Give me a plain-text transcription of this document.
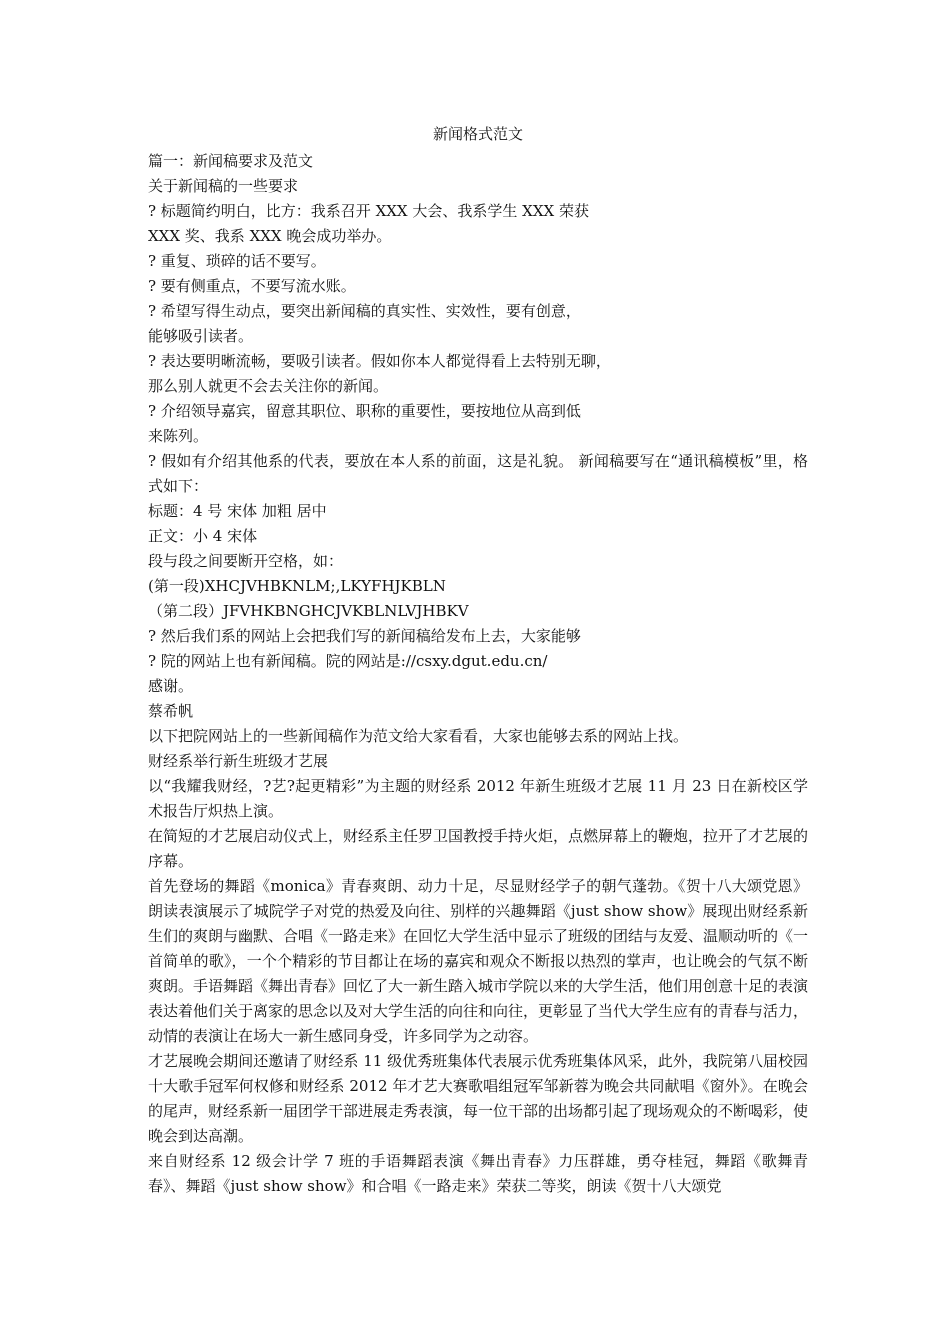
新闻格式范文

篇一：新闻稿要求及范文

关于新闻稿的一些要求

? 标题简约明白，比方：我系召开 XXX 大会、我系学生 XXX 荣获

XXX 奖、我系 XXX 晚会成功举办。

? 重复、琐碎的话不要写。

? 要有侧重点，不要写流水账。

? 希望写得生动点，要突出新闻稿的真实性、实效性，要有创意，

能够吸引读者。

? 表达要明晰流畅，要吸引读者。假如你本人都觉得看上去特别无聊，

那么别人就更不会去关注你的新闻。

? 介绍领导嘉宾，留意其职位、职称的重要性，要按地位从高到低

来陈列。

? 假如有介绍其他系的代表，要放在本人系的前面，这是礼貌。 新闻稿要写在“通讯稿模板”里，格式如下：

标题：4 号 宋体 加粗 居中

正文：小 4 宋体

段与段之间要断开空格，如：

(第一段)XHCJVHBKNLM;,LKYFHJKBLN

（第二段）JFVHKBNGHCJVKBLNLVJHBKV

? 然后我们系的网站上会把我们写的新闻稿给发布上去，大家能够

? 院的网站上也有新闻稿。院的网站是://csxy.dgut.edu.cn/

感谢。

蔡希帆

以下把院网站上的一些新闻稿作为范文给大家看看，大家也能够去系的网站上找。

财经系举行新生班级才艺展

以“我耀我财经，?艺?起更精彩”为主题的财经系 2012 年新生班级才艺展 11 月 23 日在新校区学术报告厅炽热上演。

在简短的才艺展启动仪式上，财经系主任罗卫国教授手持火炬，点燃屏幕上的鞭炮，拉开了才艺展的序幕。

首先登场的舞蹈《monica》青春爽朗、动力十足，尽显财经学子的朝气蓬勃。《贺十八大颂党恩》朗读表演展示了城院学子对党的热爱及向往、别样的兴趣舞蹈《just show show》展现出财经系新生们的爽朗与幽默、合唱《一路走来》在回忆大学生活中显示了班级的团结与友爱、温顺动听的《一首简单的歌》，一个个精彩的节目都让在场的嘉宾和观众不断报以热烈的掌声，也让晚会的气氛不断爽朗。手语舞蹈《舞出青春》回忆了大一新生踏入城市学院以来的大学生活，他们用创意十足的表演表达着他们关于离家的思念以及对大学生活的向往和向往，更彰显了当代大学生应有的青春与活力，动情的表演让在场大一新生感同身受，许多同学为之动容。

才艺展晚会期间还邀请了财经系 11 级优秀班集体代表展示优秀班集体风采，此外，我院第八届校园十大歌手冠军何权修和财经系 2012 年才艺大赛歌唱组冠军邹新蓉为晚会共同献唱《窗外》。在晚会的尾声，财经系新一届团学干部进展走秀表演，每一位干部的出场都引起了现场观众的不断喝彩，使晚会到达高潮。

来自财经系 12 级会计学 7 班的手语舞蹈表演《舞出青春》力压群雄，勇夺桂冠，舞蹈《歌舞青春》、舞蹈《just show show》和合唱《一路走来》荣获二等奖，朗读《贺十八大颂党
